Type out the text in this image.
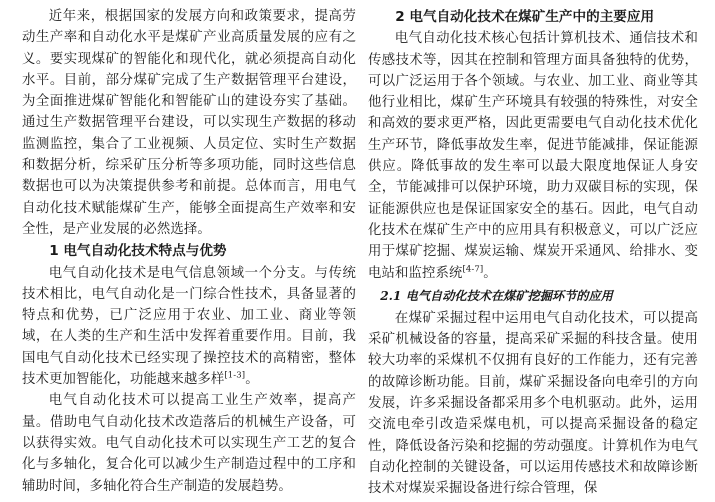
近年来，根据国家的发展方向和政策要求，提高劳动生产率和自动化水平是煤矿产业高质量发展的应有之义。要实现煤矿的智能化和现代化，就必须提高自动化水平。目前，部分煤矿完成了生产数据管理平台建设，为全面推进煤矿智能化和智能矿山的建设夯实了基础。通过生产数据管理平台建设，可以实现生产数据的移动监测监控，集合了工业视频、人员定位、实时生产数据和数据分析，综采矿压分析等多项功能，同时这些信息数据也可以为决策提供参考和前提。总体而言，用电气自动化技术赋能煤矿生产，能够全面提高生产效率和安全性，是产业发展的必然选择。

1 电气自动化技术特点与优势

电气自动化技术是电气信息领域一个分支。与传统技术相比，电气自动化是一门综合性技术，具备显著的特点和优势，已广泛应用于农业、加工业、商业等领域，在人类的生产和生活中发挥着重要作用。目前，我国电气自动化技术已经实现了操控技术的高精密，整体技术更加智能化，功能越来越多样[1-3]。

电气自动化技术可以提高工业生产效率，提高产量。借助电气自动化技术改造落后的机械生产设备，可以获得实效。电气自动化技术可以实现生产工艺的复合化与多轴化，复合化可以减少生产制造过程中的工序和辅助时间，多轴化符合生产制造的发展趋势。

2 电气自动化技术在煤矿生产中的主要应用

电气自动化技术核心包括计算机技术、通信技术和传感技术等，因其在控制和管理方面具备独特的优势，可以广泛运用于各个领域。与农业、加工业、商业等其他行业相比，煤矿生产环境具有较强的特殊性，对安全和高效的要求更严格，因此更需要电气自动化技术优化生产环节，降低事故发生率，促进节能减排，保证能源供应。降低事故的发生率可以最大限度地保证人身安全，节能减排可以保护环境，助力双碳目标的实现，保证能源供应也是保证国家安全的基石。因此，电气自动化技术在煤矿生产中的应用具有积极意义，可以广泛应用于煤矿挖掘、煤炭运输、煤炭开采通风、给排水、变电站和监控系统[4-7]。

2.1 电气自动化技术在煤矿挖掘环节的应用

在煤矿采掘过程中运用电气自动化技术，可以提高采矿机械设备的容量，提高采矿采掘的科技含量。使用较大功率的采煤机不仅拥有良好的工作能力，还有完善的故障诊断功能。目前，煤矿采掘设备向电牵引的方向发展，许多采掘设备都采用多个电机驱动。此外，运用交流电牵引改造采煤电机，可以提高采掘设备的稳定性，降低设备污染和挖掘的劳动强度。计算机作为电气自动化控制的关键设备，可以运用传感技术和故障诊断技术对煤炭采掘设备进行综合管理，保
